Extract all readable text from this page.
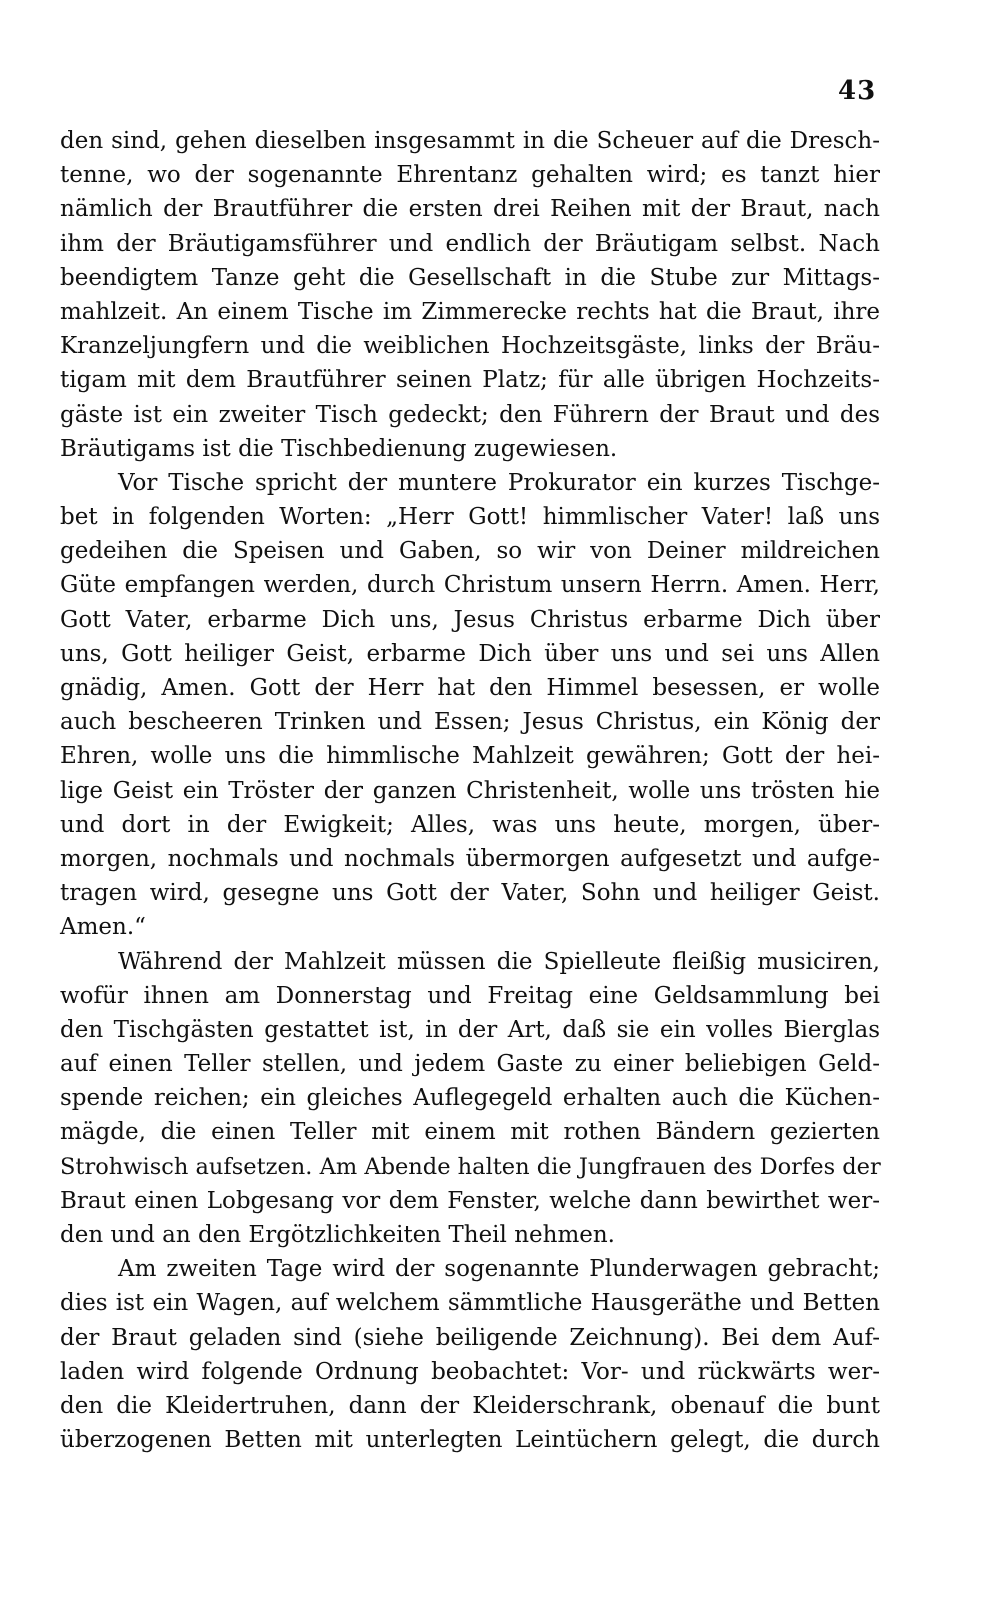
43
den sind, gehen dieselben insgesammt in die Scheuer auf die Dresch-
tenne, wo der sogenannte Ehrentanz gehalten wird; es tanzt hier
nämlich der Brautführer die ersten drei Reihen mit der Braut, nach
ihm der Bräutigamsführer und endlich der Bräutigam selbst. Nach
beendigtem Tanze geht die Gesellschaft in die Stube zur Mittags-
mahlzeit. An einem Tische im Zimmerecke rechts hat die Braut, ihre
Kranzeljungfern und die weiblichen Hochzeitsgäste, links der Bräu-
tigam mit dem Brautführer seinen Platz; für alle übrigen Hochzeits-
gäste ist ein zweiter Tisch gedeckt; den Führern der Braut und des
Bräutigams ist die Tischbedienung zugewiesen.
Vor Tische spricht der muntere Prokurator ein kurzes Tischge-
bet in folgenden Worten: „Herr Gott! himmlischer Vater! laß uns
gedeihen die Speisen und Gaben, so wir von Deiner mildreichen
Güte empfangen werden, durch Christum unsern Herrn. Amen. Herr,
Gott Vater, erbarme Dich uns, Jesus Christus erbarme Dich über
uns, Gott heiliger Geist, erbarme Dich über uns und sei uns Allen
gnädig, Amen. Gott der Herr hat den Himmel besessen, er wolle
auch bescheeren Trinken und Essen; Jesus Christus, ein König der
Ehren, wolle uns die himmlische Mahlzeit gewähren; Gott der hei-
lige Geist ein Tröster der ganzen Christenheit, wolle uns trösten hie
und dort in der Ewigkeit; Alles, was uns heute, morgen, über-
morgen, nochmals und nochmals übermorgen aufgesetzt und aufge-
tragen wird, gesegne uns Gott der Vater, Sohn und heiliger Geist.
Amen.“
Während der Mahlzeit müssen die Spielleute fleißig musiciren,
wofür ihnen am Donnerstag und Freitag eine Geldsammlung bei
den Tischgästen gestattet ist, in der Art, daß sie ein volles Bierglas
auf einen Teller stellen, und jedem Gaste zu einer beliebigen Geld-
spende reichen; ein gleiches Auflegegeld erhalten auch die Küchen-
mägde, die einen Teller mit einem mit rothen Bändern gezierten
Strohwisch aufsetzen. Am Abende halten die Jungfrauen des Dorfes der
Braut einen Lobgesang vor dem Fenster, welche dann bewirthet wer-
den und an den Ergötzlichkeiten Theil nehmen.
Am zweiten Tage wird der sogenannte Plunderwagen gebracht;
dies ist ein Wagen, auf welchem sämmtliche Hausgeräthe und Betten
der Braut geladen sind (siehe beiligende Zeichnung). Bei dem Auf-
laden wird folgende Ordnung beobachtet: Vor- und rückwärts wer-
den die Kleidertruhen, dann der Kleiderschrank, obenauf die bunt
überzogenen Betten mit unterlegten Leintüchern gelegt, die durch
